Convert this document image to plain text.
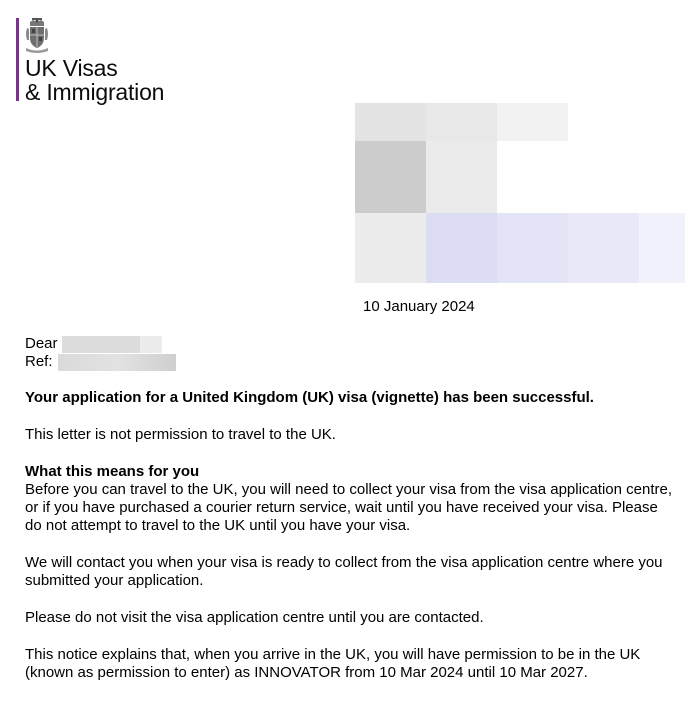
UK Visas
& Immigration
10 January 2024
Dear
Ref:

Your application for a United Kingdom (UK) visa (vignette) has been successful.

This letter is not permission to travel to the UK.

What this means for you

Before you can travel to the UK, you will need to collect your visa from the visa application centre, or if you have purchased a courier return service, wait until you have received your visa. Please do not attempt to travel to the UK until you have your visa.

We will contact you when your visa is ready to collect from the visa application centre where you submitted your application.

Please do not visit the visa application centre until you are contacted.

This notice explains that, when you arrive in the UK, you will have permission to be in the UK (known as permission to enter) as INNOVATOR from 10 Mar 2024 until 10 Mar 2027.
